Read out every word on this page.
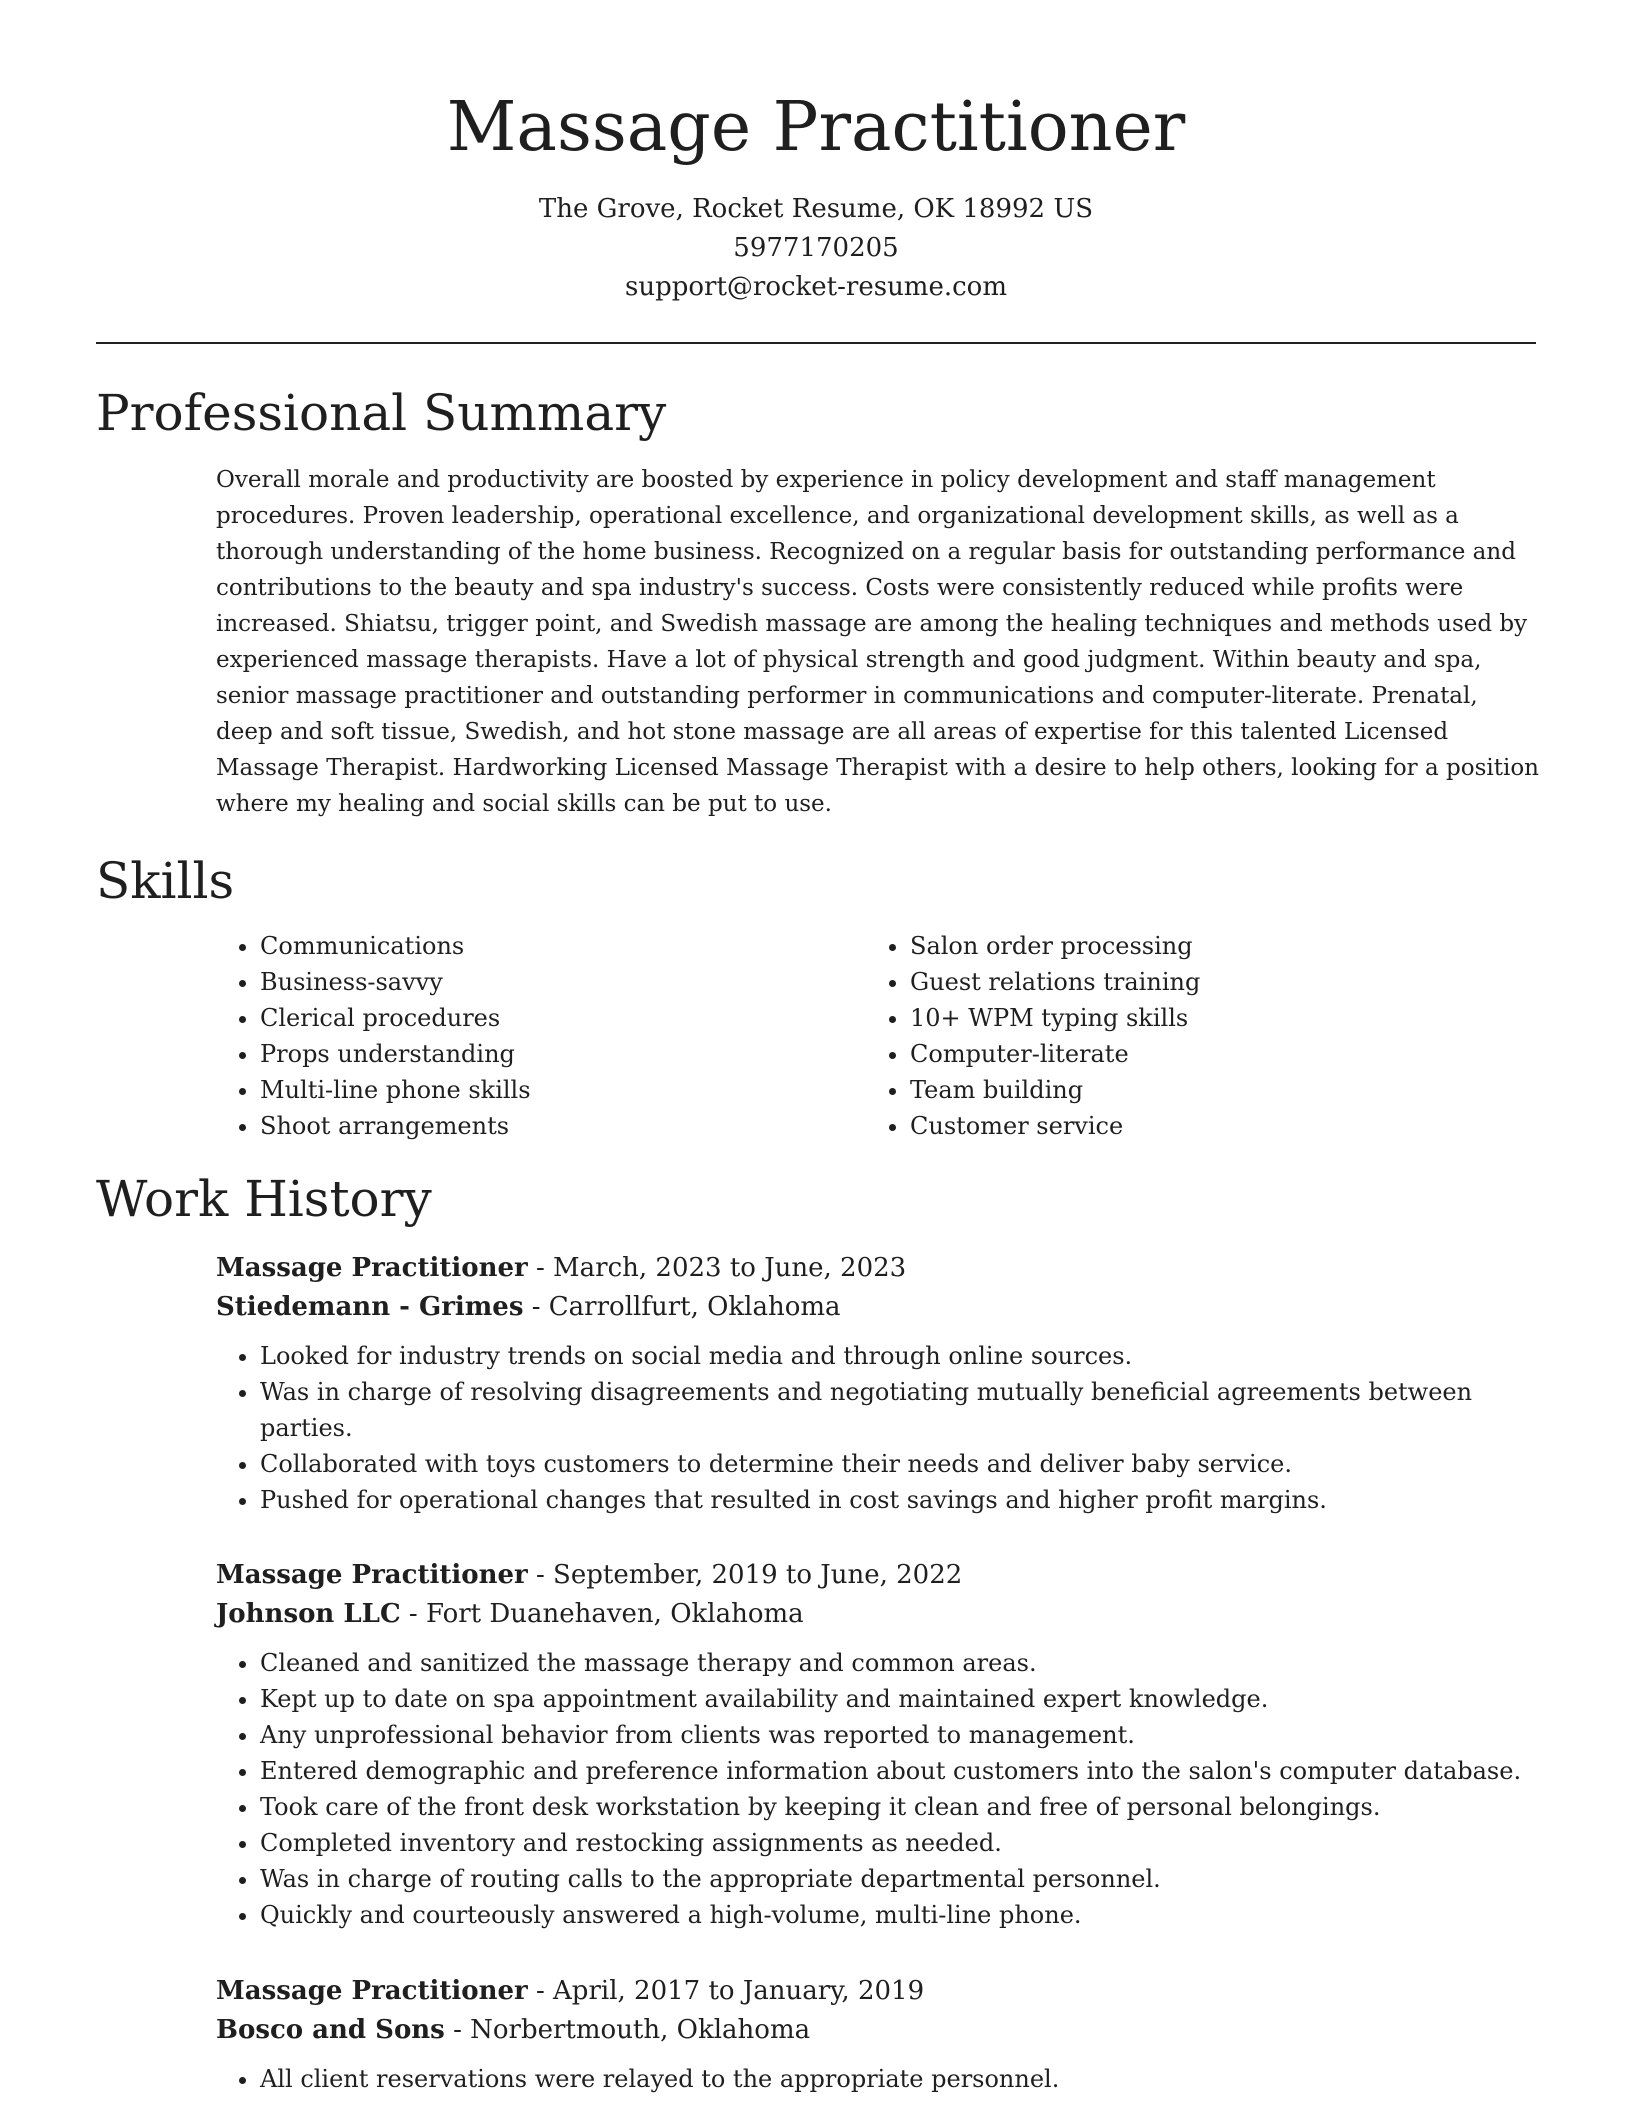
Massage Practitioner

The Grove, Rocket Resume, OK 18992 US

5977170205

support@rocket-resume.com

Professional Summary

Overall morale and productivity are boosted by experience in policy development and staff management procedures. Proven leadership, operational excellence, and organizational development skills, as well as a thorough understanding of the home business. Recognized on a regular basis for outstanding performance and contributions to the beauty and spa industry's success. Costs were consistently reduced while profits were increased. Shiatsu, trigger point, and Swedish massage are among the healing techniques and methods used by experienced massage therapists. Have a lot of physical strength and good judgment. Within beauty and spa, senior massage practitioner and outstanding performer in communications and computer-literate. Prenatal, deep and soft tissue, Swedish, and hot stone massage are all areas of expertise for this talented Licensed Massage Therapist. Hardworking Licensed Massage Therapist with a desire to help others, looking for a position where my healing and social skills can be put to use.

Skills
• Communications
• Business-savvy
• Clerical procedures
• Props understanding
• Multi-line phone skills
• Shoot arrangements
• Salon order processing
• Guest relations training
• 10+ WPM typing skills
• Computer-literate
• Team building
• Customer service
Work History

Massage Practitioner - March, 2023 to June, 2023

Stiedemann - Grimes - Carrollfurt, Oklahoma

• Looked for industry trends on social media and through online sources.
• Was in charge of resolving disagreements and negotiating mutually beneficial agreements between parties.
• Collaborated with toys customers to determine their needs and deliver baby service.
• Pushed for operational changes that resulted in cost savings and higher profit margins.

Massage Practitioner - September, 2019 to June, 2022

Johnson LLC - Fort Duanehaven, Oklahoma

• Cleaned and sanitized the massage therapy and common areas.
• Kept up to date on spa appointment availability and maintained expert knowledge.
• Any unprofessional behavior from clients was reported to management.
• Entered demographic and preference information about customers into the salon's computer database.
• Took care of the front desk workstation by keeping it clean and free of personal belongings.
• Completed inventory and restocking assignments as needed.
• Was in charge of routing calls to the appropriate departmental personnel.
• Quickly and courteously answered a high-volume, multi-line phone.

Massage Practitioner - April, 2017 to January, 2019

Bosco and Sons - Norbertmouth, Oklahoma

• All client reservations were relayed to the appropriate personnel.
